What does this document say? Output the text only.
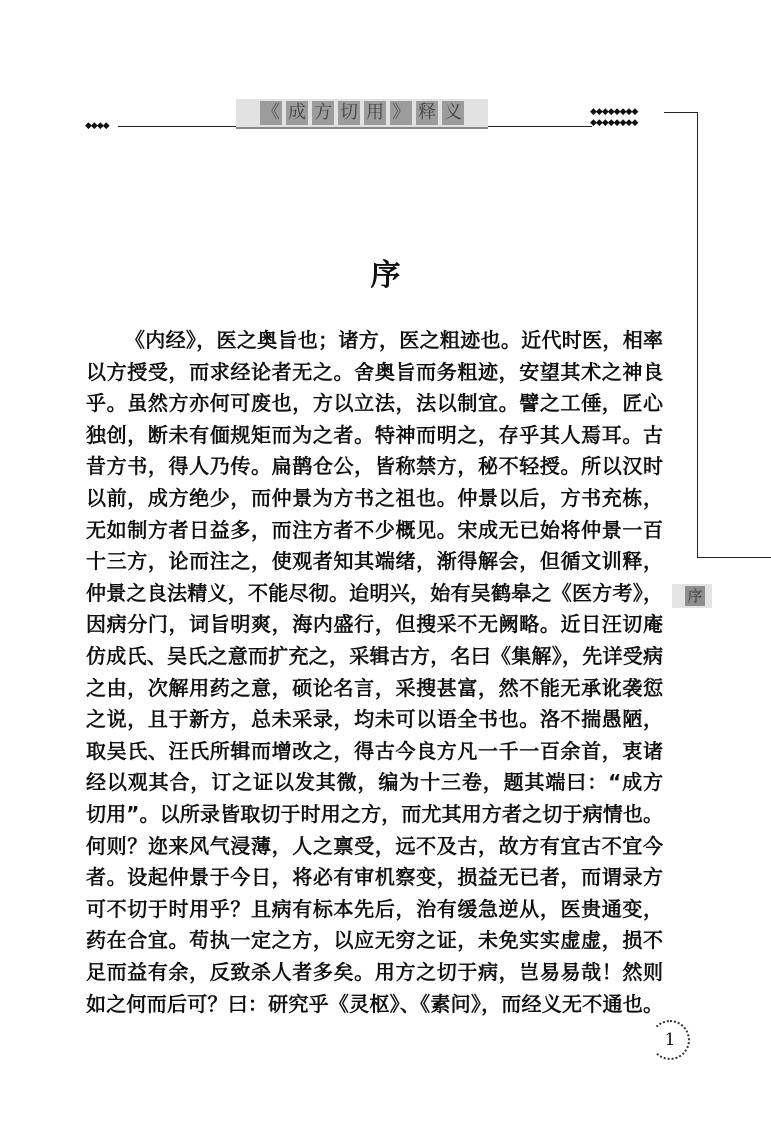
◆◆◆◆
《 成 方 切 用 》 释 义	◆◆◆◆◆◆◆◆
◆◆◆◆◆◆◆◆
序
《内经》，医之奥旨也；诸方，医之粗迹也。近代时医，相率
以方授受，而求经论者无之。舍奥旨而务粗迹，安望其术之神良
乎。虽然方亦何可废也，方以立法，法以制宜。譬之工倕，匠心
独创，断未有偭规矩而为之者。特神而明之，存乎其人焉耳。古
昔方书，得人乃传。扁鹊仓公，皆称禁方，秘不轻授。所以汉时
以前，成方绝少，而仲景为方书之祖也。仲景以后，方书充栋，
无如制方者日益多，而注方者不少概见。宋成无已始将仲景一百
十三方，论而注之，使观者知其端绪，渐得解会，但循文训释，
仲景之良法精义，不能尽彻。迨明兴，始有吴鹤皋之《医方考》，
因病分门，词旨明爽，海内盛行，但搜采不无阙略。近日汪讱庵
仿成氏、吴氏之意而扩充之，采辑古方，名曰《集解》，先详受病
之由，次解用药之意，硕论名言，采搜甚富，然不能无承讹袭愆
之说，且于新方，总未采录，均未可以语全书也。洛不揣愚陋，
取吴氏、汪氏所辑而增改之，得古今良方凡一千一百余首，衷诸
经以观其合，订之证以发其微，编为十三卷，题其端曰：“成方
切用”。以所录皆取切于时用之方，而尤其用方者之切于病情也。
何则？迩来风气浸薄，人之禀受，远不及古，故方有宜古不宜今
者。设起仲景于今日，将必有审机察变，损益无已者，而谓录方
可不切于时用乎？且病有标本先后，治有缓急逆从，医贵通变，
药在合宜。苟执一定之方，以应无穷之证，未免实实虚虚，损不
足而益有余，反致杀人者多矣。用方之切于病，岂易易哉！然则
如之何而后可？曰：研究乎《灵枢》、《素问》，而经义无不通也。
序
1
